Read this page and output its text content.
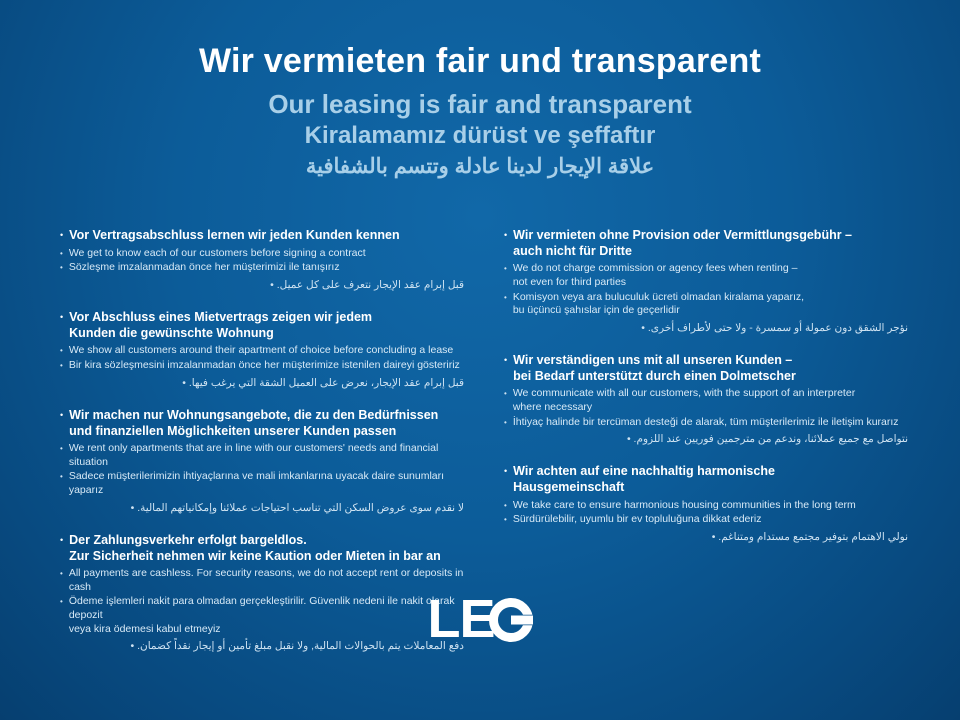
Wir vermieten fair und transparent
Our leasing is fair and transparent
Kiralamamız dürüst ve şeffaftır
علاقة الإيجار لدينا عادلة وتتسم بالشفافية
• Vor Vertragsabschluss lernen wir jeden Kunden kennen
• We get to know each of our customers before signing a contract
• Sözleşme imzalanmadan önce her müşterimizi ile tanışırız
قبل إبرام عقد الإيجار نتعرف على كل عميل. •
• Vor Abschluss eines Mietvertrags zeigen wir jedem
Kunden die gewünschte Wohnung
• We show all customers around their apartment of choice before concluding a lease
• Bir kira sözleşmesini imzalanmadan önce her müşterimize istenilen daireyi gösteririz
قبل إبرام عقد الإيجار، نعرض على العميل الشقة التي يرغب فيها. •
• Wir machen nur Wohnungsangebote, die zu den Bedürfnissen
und finanziellen Möglichkeiten unserer Kunden passen
• We rent only apartments that are in line with our customers' needs and financial situation
• Sadece müşterilerimizin ihtiyaçlarına ve mali imkanlarına uyacak daire sunumları yaparız
لا نقدم سوى عروض السكن التي تناسب احتياجات عملائنا وإمكانياتهم المالية. •
• Der Zahlungsverkehr erfolgt bargeldlos.
Zur Sicherheit nehmen wir keine Kaution oder Mieten in bar an
• All payments are cashless. For security reasons, we do not accept rent or deposits in cash
• Ödeme işlemleri nakit para olmadan gerçekleştirilir. Güvenlik nedeni ile nakit olarak depozit
veya kira ödemesi kabul etmeyiz
دفع المعاملات يتم بالحوالات المالية, ولا نقبل مبلغ تأمين أو إيجار نقداً كضمان. •
• Wir vermieten ohne Provision oder Vermittlungsgebühr –
auch nicht für Dritte
• We do not charge commission or agency fees when renting –
not even for third parties
• Komisyon veya ara buluculuk ücreti olmadan kiralama yaparız,
bu üçüncü şahıslar için de geçerlidir
نؤجر الشقق دون عمولة أو سمسرة - ولا حتى لأطراف أخرى. •
• Wir verständigen uns mit all unseren Kunden –
bei Bedarf unterstützt durch einen Dolmetscher
• We communicate with all our customers, with the support of an interpreter
where necessary
• İhtiyaç halinde bir tercüman desteği de alarak, tüm müşterilerimiz ile iletişim kurarız
نتواصل مع جميع عملائنا، وندعم من مترجمين فوريين عند اللزوم. •
• Wir achten auf eine nachhaltig harmonische
Hausgemeinschaft
• We take care to ensure harmonious housing communities in the long term
• Sürdürülebilir, uyumlu bir ev topluluğuna dikkat ederiz
نولي الاهتمام بتوفير مجتمع مستدام ومتناغم. •
LE
